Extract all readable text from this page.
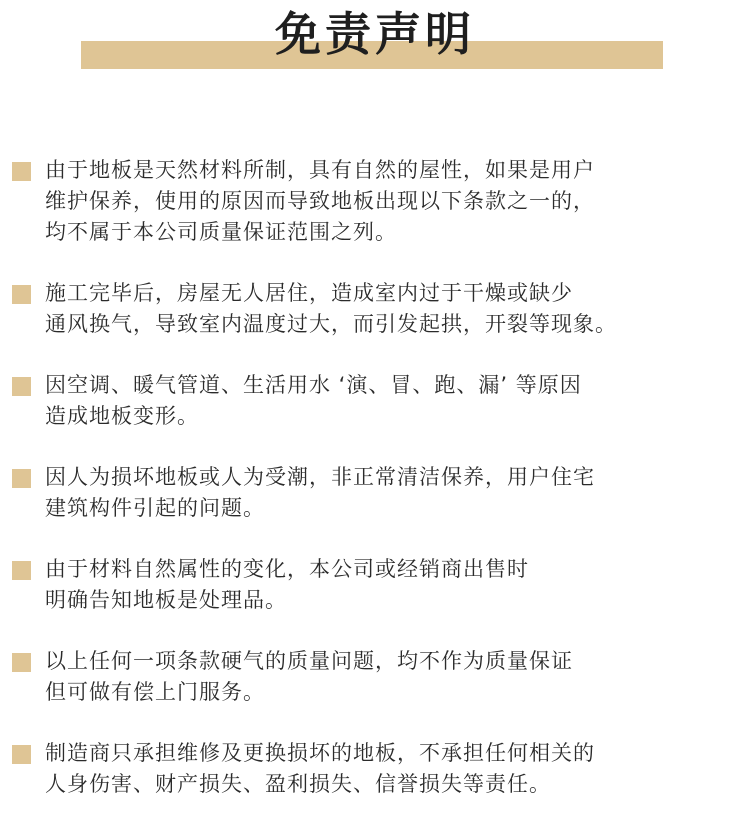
免责声明
由于地板是天然材料所制，具有自然的屋性，如果是用户
维护保养，使用的原因而导致地板出现以下条款之一的，
均不属于本公司质量保证范围之列。
施工完毕后，房屋无人居住，造成室内过于干燥或缺少
通风换气，导致室内温度过大，而引发起拱，开裂等现象。
因空调、暖气管道、生活用水 ‘演、冒、跑、漏’ 等原因
造成地板变形。
因人为损坏地板或人为受潮，非正常清洁保养，用户住宅
建筑构件引起的问题。
由于材料自然属性的变化，本公司或经销商出售时
明确告知地板是处理品。
以上任何一项条款硬气的质量问题，均不作为质量保证
但可做有偿上门服务。
制造商只承担维修及更换损坏的地板，不承担任何相关的
人身伤害、财产损失、盈利损失、信誉损失等责任。
